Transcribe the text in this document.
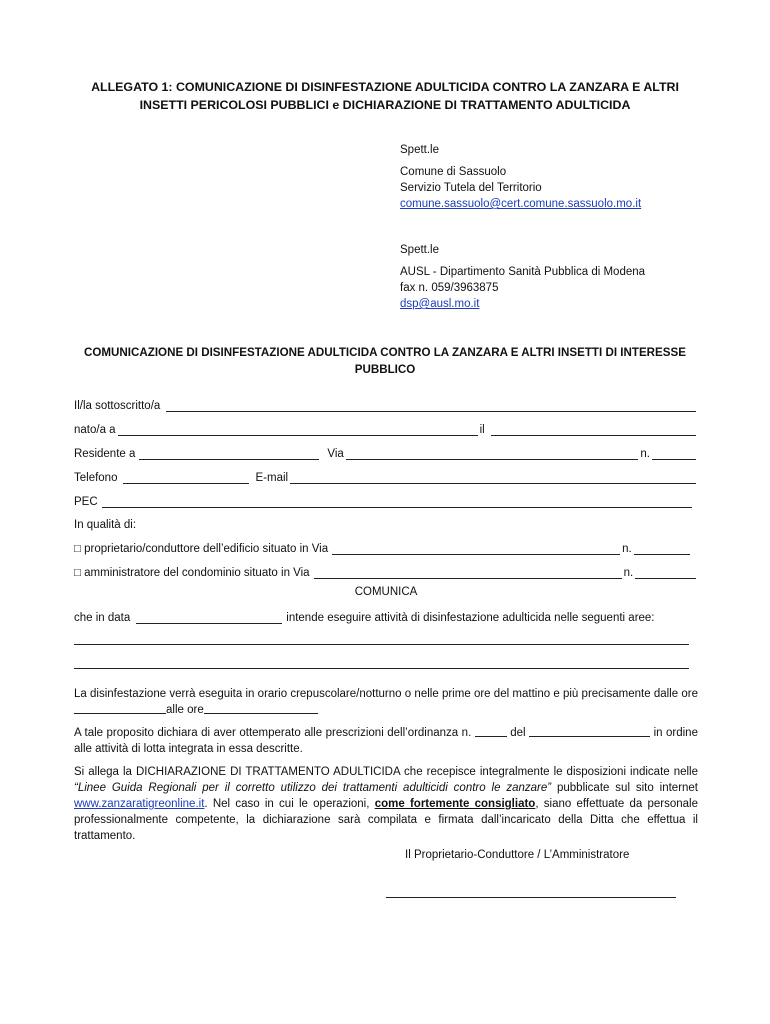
ALLEGATO 1: COMUNICAZIONE DI DISINFESTAZIONE ADULTICIDA CONTRO LA ZANZARA E ALTRI
INSETTI PERICOLOSI PUBBLICI e DICHIARAZIONE DI TRATTAMENTO ADULTICIDA
Spett.le
Comune di Sassuolo
Servizio Tutela del Territorio
comune.sassuolo@cert.comune.sassuolo.mo.it
Spett.le
AUSL - Dipartimento Sanità Pubblica di Modena
fax n. 059/3963875
dsp@ausl.mo.it
COMUNICAZIONE DI DISINFESTAZIONE ADULTICIDA CONTRO LA ZANZARA E ALTRI INSETTI DI INTERESSE
PUBBLICO
Il/la sottoscritto/a
nato/a a	il
Residente a	Via	n.
Telefono	E-mail
PEC
In qualità di:
□ proprietario/conduttore dell’edificio situato in Via	n.
□ amministratore del condominio situato in Via	n.
COMUNICA
che in data	intende eseguire attività di disinfestazione adulticida nelle seguenti aree:
La disinfestazione verrà eseguita in orario crepuscolare/notturno o nelle prime ore del mattino e più precisamente dalle ore alle ore
A tale proposito dichiara di aver ottemperato alle prescrizioni dell’ordinanza n.	del	in ordine alle attività di lotta integrata in essa descritte.
Si allega la DICHIARAZIONE DI TRATTAMENTO ADULTICIDA che recepisce integralmente le disposizioni indicate nelle “Linee Guida Regionali per il corretto utilizzo dei trattamenti adulticidi contro le zanzare” pubblicate sul sito internet www.zanzaratigreonline.it. Nel caso in cui le operazioni, come fortemente consigliato, siano effettuate da personale professionalmente competente, la dichiarazione sarà compilata e firmata dall’incaricato della Ditta che effettua il trattamento.
Il Proprietario-Conduttore / L’Amministratore
